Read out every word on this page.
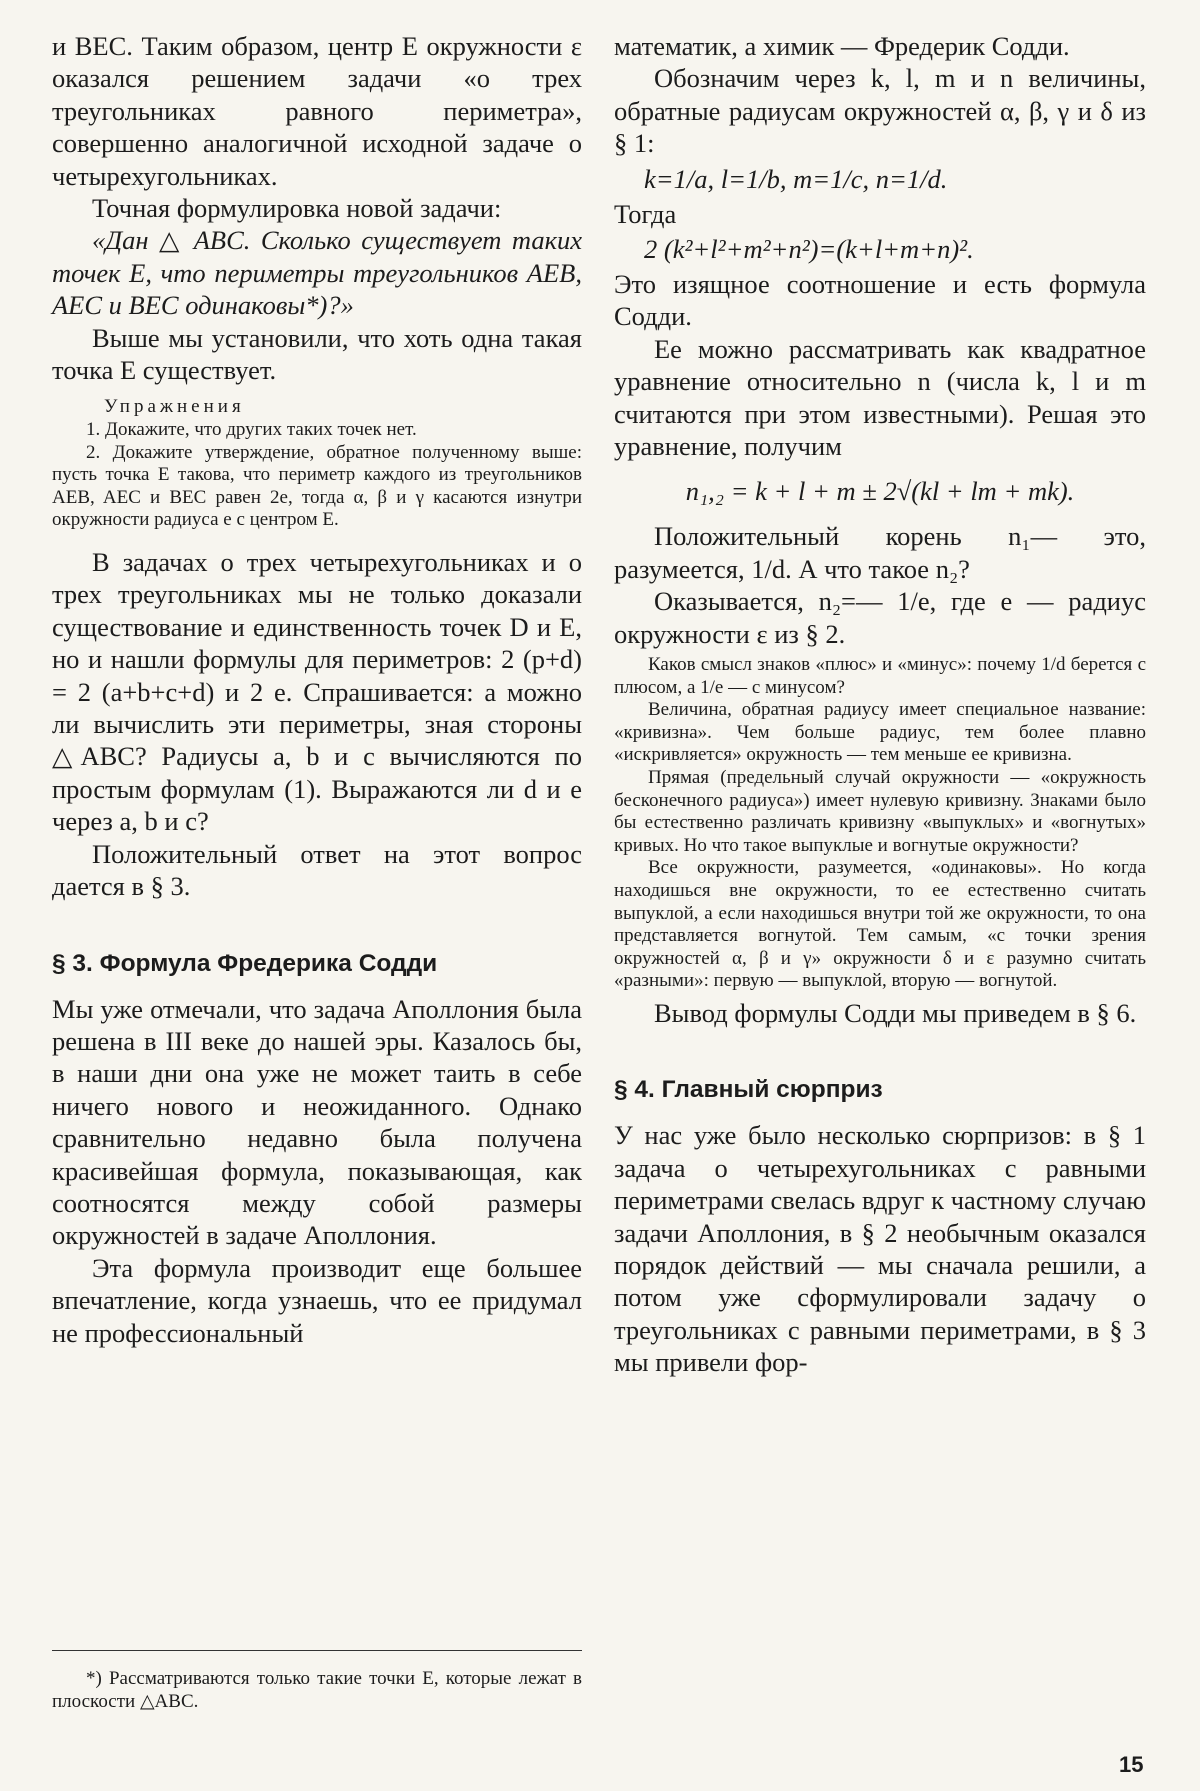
и BEC. Таким образом, центр E окружности ε оказался решением задачи «о трех треугольниках равного периметра», совершенно аналогичной исходной задаче о четырехугольниках.

Точная формулировка новой задачи:

«Дан △ ABC. Сколько существует таких точек E, что периметры треугольников AEB, AEC и BEC одинаковы*)?»

Выше мы установили, что хоть одна такая точка E существует.

Упражнения

1. Докажите, что других таких точек нет.

2. Докажите утверждение, обратное полученному выше: пусть точка E такова, что периметр каждого из треугольников AEB, AEC и BEC равен 2e, тогда α, β и γ касаются изнутри окружности радиуса e с центром E.

В задачах о трех четырехугольниках и о трех треугольниках мы не только доказали существование и единственность точек D и E, но и нашли формулы для периметров: 2 (p+d) = 2 (a+b+c+d) и 2 e. Спрашивается: а можно ли вычислить эти периметры, зная стороны △ABC? Радиусы a, b и c вычисляются по простым формулам (1). Выражаются ли d и e через a, b и c?

Положительный ответ на этот вопрос дается в § 3.

§ 3. Формула Фредерика Содди

Мы уже отмечали, что задача Аполлония была решена в III веке до нашей эры. Казалось бы, в наши дни она уже не может таить в себе ничего нового и неожиданного. Однако сравнительно недавно была получена красивейшая формула, показывающая, как соотносятся между собой размеры окружностей в задаче Аполлония.

Эта формула производит еще большее впечатление, когда узнаешь, что ее придумал не профессиональный

*) Рассматриваются только такие точки E, которые лежат в плоскости △ABC.

математик, а химик — Фредерик Содди.

Обозначим через k, l, m и n величины, обратные радиусам окружностей α, β, γ и δ из § 1:

k=1/a, l=1/b, m=1/c, n=1/d.

Тогда

2 (k²+l²+m²+n²)=(k+l+m+n)².

Это изящное соотношение и есть формула Содди.

Ее можно рассматривать как квадратное уравнение относительно n (числа k, l и m считаются при этом известными). Решая это уравнение, получим

n₁,₂ = k + l + m ± 2√(kl + lm + mk).

Положительный корень n₁— это, разумеется, 1/d. А что такое n₂?

Оказывается, n₂=— 1/e, где e — радиус окружности ε из § 2.

Каков смысл знаков «плюс» и «минус»: почему 1/d берется с плюсом, а 1/e — с минусом?

Величина, обратная радиусу имеет специальное название: «кривизна». Чем больше радиус, тем более плавно «искривляется» окружность — тем меньше ее кривизна.

Прямая (предельный случай окружности — «окружность бесконечного радиуса») имеет нулевую кривизну. Знаками было бы естественно различать кривизну «выпуклых» и «вогнутых» кривых. Но что такое выпуклые и вогнутые окружности?

Все окружности, разумеется, «одинаковы». Но когда находишься вне окружности, то ее естественно считать выпуклой, а если находишься внутри той же окружности, то она представляется вогнутой. Тем самым, «с точки зрения окружностей α, β и γ» окружности δ и ε разумно считать «разными»: первую — выпуклой, вторую — вогнутой.

Вывод формулы Содди мы приведем в § 6.

§ 4. Главный сюрприз

У нас уже было несколько сюрпризов: в § 1 задача о четырехугольниках с равными периметрами свелась вдруг к частному случаю задачи Аполлония, в § 2 необычным оказался порядок действий — мы сначала решили, а потом уже сформулировали задачу о треугольниках с равными периметрами, в § 3 мы привели фор-

15
